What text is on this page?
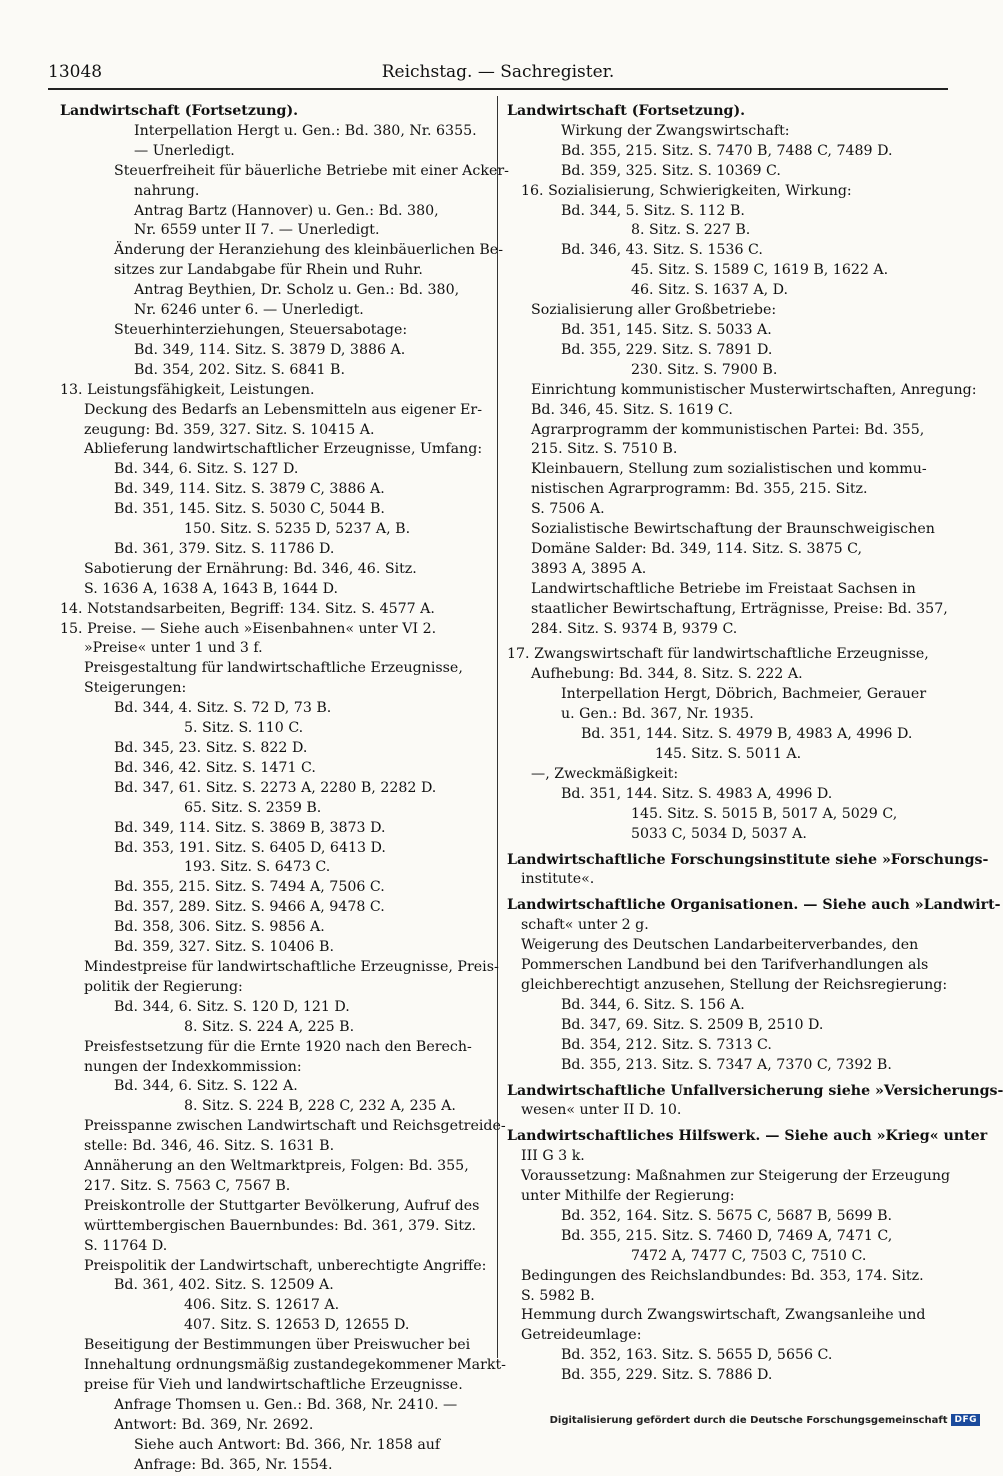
13048	Reichstag. — Sachregister.
Landwirtschaft (Fortsetzung).
Interpellation Hergt u. Gen.: Bd. 380, Nr. 6355.
— Unerledigt.
Steuerfreiheit für bäuerliche Betriebe mit einer Acker-
nahrung.
Antrag Bartz (Hannover) u. Gen.: Bd. 380,
Nr. 6559 unter II 7. — Unerledigt.
Änderung der Heranziehung des kleinbäuerlichen Be-
sitzes zur Landabgabe für Rhein und Ruhr.
Antrag Beythien, Dr. Scholz u. Gen.: Bd. 380,
Nr. 6246 unter 6. — Unerledigt.
Steuerhinterziehungen, Steuersabotage:
Bd. 349, 114. Sitz. S. 3879 D, 3886 A.
Bd. 354, 202. Sitz. S. 6841 B.
13. Leistungsfähigkeit, Leistungen.
Deckung des Bedarfs an Lebensmitteln aus eigener Er-
zeugung: Bd. 359, 327. Sitz. S. 10415 A.
Ablieferung landwirtschaftlicher Erzeugnisse, Umfang:
Bd. 344, 6. Sitz. S. 127 D.
Bd. 349, 114. Sitz. S. 3879 C, 3886 A.
Bd. 351, 145. Sitz. S. 5030 C, 5044 B.
150. Sitz. S. 5235 D, 5237 A, B.
Bd. 361, 379. Sitz. S. 11786 D.
Sabotierung der Ernährung: Bd. 346, 46. Sitz.
S. 1636 A, 1638 A, 1643 B, 1644 D.
14. Notstandsarbeiten, Begriff: 134. Sitz. S. 4577 A.
15. Preise. — Siehe auch »Eisenbahnen« unter VI 2.
»Preise« unter 1 und 3 f.
Preisgestaltung für landwirtschaftliche Erzeugnisse,
Steigerungen:
Bd. 344, 4. Sitz. S. 72 D, 73 B.
5. Sitz. S. 110 C.
Bd. 345, 23. Sitz. S. 822 D.
Bd. 346, 42. Sitz. S. 1471 C.
Bd. 347, 61. Sitz. S. 2273 A, 2280 B, 2282 D.
65. Sitz. S. 2359 B.
Bd. 349, 114. Sitz. S. 3869 B, 3873 D.
Bd. 353, 191. Sitz. S. 6405 D, 6413 D.
193. Sitz. S. 6473 C.
Bd. 355, 215. Sitz. S. 7494 A, 7506 C.
Bd. 357, 289. Sitz. S. 9466 A, 9478 C.
Bd. 358, 306. Sitz. S. 9856 A.
Bd. 359, 327. Sitz. S. 10406 B.
Mindestpreise für landwirtschaftliche Erzeugnisse, Preis-
politik der Regierung:
Bd. 344, 6. Sitz. S. 120 D, 121 D.
8. Sitz. S. 224 A, 225 B.
Preisfestsetzung für die Ernte 1920 nach den Berech-
nungen der Indexkommission:
Bd. 344, 6. Sitz. S. 122 A.
8. Sitz. S. 224 B, 228 C, 232 A, 235 A.
Preisspanne zwischen Landwirtschaft und Reichsgetreide-
stelle: Bd. 346, 46. Sitz. S. 1631 B.
Annäherung an den Weltmarktpreis, Folgen: Bd. 355,
217. Sitz. S. 7563 C, 7567 B.
Preiskontrolle der Stuttgarter Bevölkerung, Aufruf des
württembergischen Bauernbundes: Bd. 361, 379. Sitz.
S. 11764 D.
Preispolitik der Landwirtschaft, unberechtigte Angriffe:
Bd. 361, 402. Sitz. S. 12509 A.
406. Sitz. S. 12617 A.
407. Sitz. S. 12653 D, 12655 D.
Beseitigung der Bestimmungen über Preiswucher bei
Innehaltung ordnungsmäßig zustandegekommener Markt-
preise für Vieh und landwirtschaftliche Erzeugnisse.
Anfrage Thomsen u. Gen.: Bd. 368, Nr. 2410. —
Antwort: Bd. 369, Nr. 2692.
Siehe auch Antwort: Bd. 366, Nr. 1858 auf
Anfrage: Bd. 365, Nr. 1554.
Landwirtschaft (Fortsetzung).
Wirkung der Zwangswirtschaft:
Bd. 355, 215. Sitz. S. 7470 B, 7488 C, 7489 D.
Bd. 359, 325. Sitz. S. 10369 C.
16. Sozialisierung, Schwierigkeiten, Wirkung:
Bd. 344, 5. Sitz. S. 112 B.
8. Sitz. S. 227 B.
Bd. 346, 43. Sitz. S. 1536 C.
45. Sitz. S. 1589 C, 1619 B, 1622 A.
46. Sitz. S. 1637 A, D.
Sozialisierung aller Großbetriebe:
Bd. 351, 145. Sitz. S. 5033 A.
Bd. 355, 229. Sitz. S. 7891 D.
230. Sitz. S. 7900 B.
Einrichtung kommunistischer Musterwirtschaften, Anregung:
Bd. 346, 45. Sitz. S. 1619 C.
Agrarprogramm der kommunistischen Partei: Bd. 355,
215. Sitz. S. 7510 B.
Kleinbauern, Stellung zum sozialistischen und kommu-
nistischen Agrarprogramm: Bd. 355, 215. Sitz.
S. 7506 A.
Sozialistische Bewirtschaftung der Braunschweigischen
Domäne Salder: Bd. 349, 114. Sitz. S. 3875 C,
3893 A, 3895 A.
Landwirtschaftliche Betriebe im Freistaat Sachsen in
staatlicher Bewirtschaftung, Erträgnisse, Preise: Bd. 357,
284. Sitz. S. 9374 B, 9379 C.
17. Zwangswirtschaft für landwirtschaftliche Erzeugnisse,
Aufhebung: Bd. 344, 8. Sitz. S. 222 A.
Interpellation Hergt, Döbrich, Bachmeier, Gerauer
u. Gen.: Bd. 367, Nr. 1935.
Bd. 351, 144. Sitz. S. 4979 B, 4983 A, 4996 D.
145. Sitz. S. 5011 A.
—, Zweckmäßigkeit:
Bd. 351, 144. Sitz. S. 4983 A, 4996 D.
145. Sitz. S. 5015 B, 5017 A, 5029 C,
5033 C, 5034 D, 5037 A.
Landwirtschaftliche Forschungsinstitute siehe »Forschungs-
institute«.
Landwirtschaftliche Organisationen. — Siehe auch »Landwirt-
schaft« unter 2 g.
Weigerung des Deutschen Landarbeiterverbandes, den
Pommerschen Landbund bei den Tarifverhandlungen als
gleichberechtigt anzusehen, Stellung der Reichsregierung:
Bd. 344, 6. Sitz. S. 156 A.
Bd. 347, 69. Sitz. S. 2509 B, 2510 D.
Bd. 354, 212. Sitz. S. 7313 C.
Bd. 355, 213. Sitz. S. 7347 A, 7370 C, 7392 B.
Landwirtschaftliche Unfallversicherung siehe »Versicherungs-
wesen« unter II D. 10.
Landwirtschaftliches Hilfswerk. — Siehe auch »Krieg« unter
III G 3 k.
Voraussetzung: Maßnahmen zur Steigerung der Erzeugung
unter Mithilfe der Regierung:
Bd. 352, 164. Sitz. S. 5675 C, 5687 B, 5699 B.
Bd. 355, 215. Sitz. S. 7460 D, 7469 A, 7471 C,
7472 A, 7477 C, 7503 C, 7510 C.
Bedingungen des Reichslandbundes: Bd. 353, 174. Sitz.
S. 5982 B.
Hemmung durch Zwangswirtschaft, Zwangsanleihe und
Getreideumlage:
Bd. 352, 163. Sitz. S. 5655 D, 5656 C.
Bd. 355, 229. Sitz. S. 7886 D.
Digitalisierung gefördert durch die Deutsche Forschungsgemeinschaft DFG
